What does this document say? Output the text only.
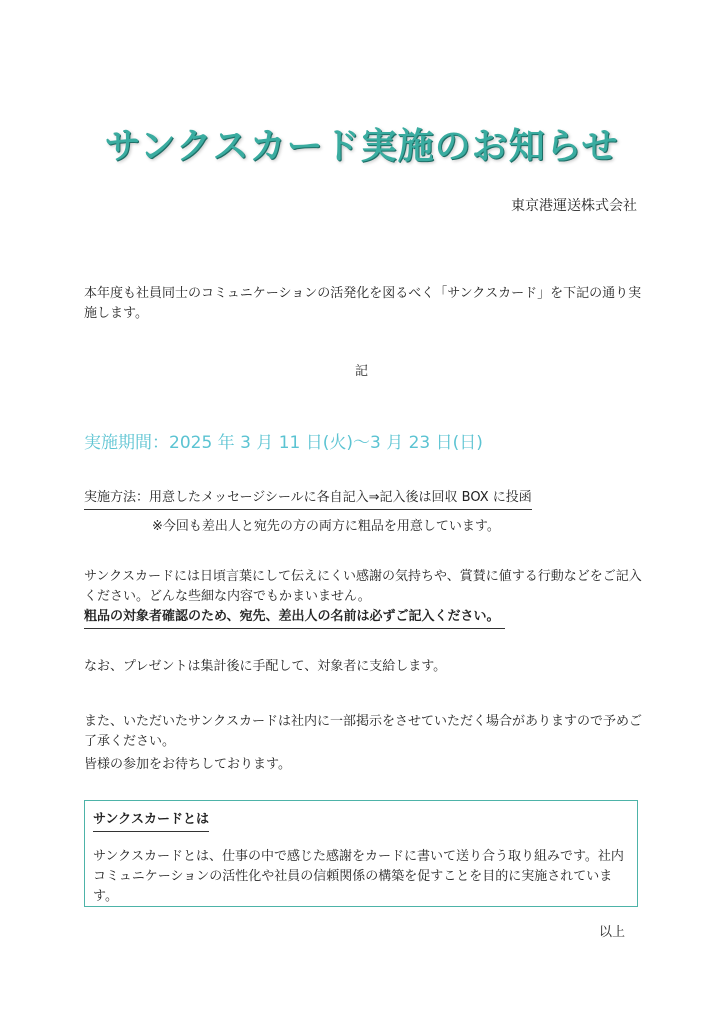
サンクスカード実施のお知らせ
東京港運送株式会社
本年度も社員同士のコミュニケーションの活発化を図るべく「サンクスカード」を下記の通り実施します。
記
実施期間：2025 年 3 月 11 日(火)～3 月 23 日(日)
実施方法：用意したメッセージシールに各自記入⇒記入後は回収 BOX に投函
※今回も差出人と宛先の方の両方に粗品を用意しています。
サンクスカードには日頃言葉にして伝えにくい感謝の気持ちや、賞賛に値する行動などをご記入ください。どんな些細な内容でもかまいません。
粗品の対象者確認のため、宛先、差出人の名前は必ずご記入ください。
なお、プレゼントは集計後に手配して、対象者に支給します。
また、いただいたサンクスカードは社内に一部掲示をさせていただく場合がありますので予めご了承ください。
皆様の参加をお待ちしております。
サンクスカードとは
サンクスカードとは、仕事の中で感じた感謝をカードに書いて送り合う取り組みです。社内コミュニケーションの活性化や社員の信頼関係の構築を促すことを目的に実施されています。
以上
